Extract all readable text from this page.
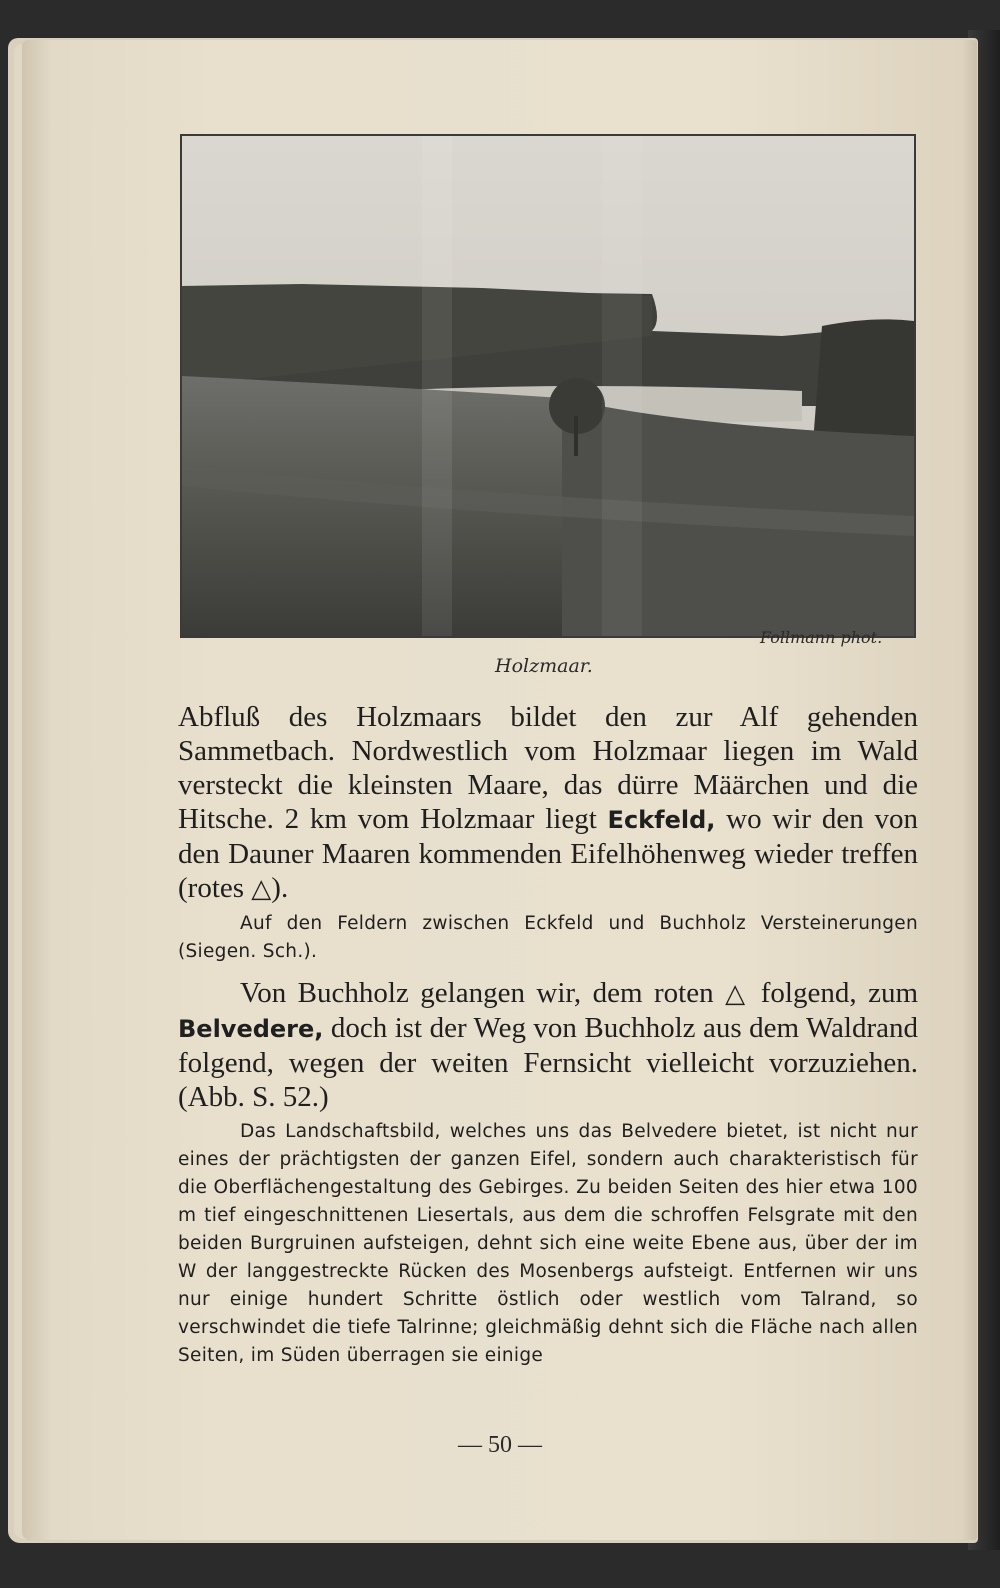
Follmann phot.
Holzmaar.
Abfluß des Holzmaars bildet den zur Alf gehenden Sammetbach. Nordwestlich vom Holzmaar liegen im Wald versteckt die kleinsten Maare, das dürre Määrchen und die Hitsche. 2 km vom Holzmaar liegt Eckfeld, wo wir den von den Dauner Maaren kommenden Eifelhöhenweg wieder treffen (rotes △).
Auf den Feldern zwischen Eckfeld und Buchholz Versteinerungen (Siegen. Sch.).
Von Buchholz gelangen wir, dem roten △ folgend, zum Belvedere, doch ist der Weg von Buchholz aus dem Waldrand folgend, wegen der weiten Fernsicht vielleicht vorzuziehen. (Abb. S. 52.)
Das Landschaftsbild, welches uns das Belvedere bietet, ist nicht nur eines der prächtigsten der ganzen Eifel, sondern auch charakteristisch für die Oberflächengestaltung des Gebirges. Zu beiden Seiten des hier etwa 100 m tief eingeschnittenen Liesertals, aus dem die schroffen Felsgrate mit den beiden Burgruinen aufsteigen, dehnt sich eine weite Ebene aus, über der im W der langgestreckte Rücken des Mosenbergs aufsteigt. Entfernen wir uns nur einige hundert Schritte östlich oder westlich vom Talrand, so verschwindet die tiefe Talrinne; gleichmäßig dehnt sich die Fläche nach allen Seiten, im Süden überragen sie einige
— 50 —
